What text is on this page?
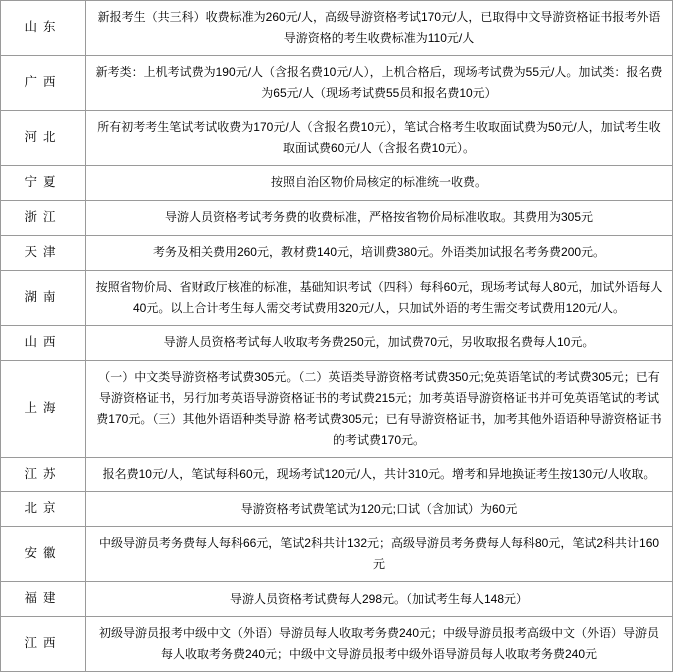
山东	新报考生（共三科）收费标准为260元/人，高级导游资格考试170元/人，已取得中文导游资格证书报考外语导游资格的考生收费标准为110元/人
广西	新考类：上机考试费为190元/人（含报名费10元/人），上机合格后，现场考试费为55元/人。加试类：报名费为65元/人（现场考试费55员和报名费10元）
河北	所有初考考生笔试考试收费为170元/人（含报名费10元），笔试合格考生收取面试费为50元/人，加试考生收取面试费60元/人（含报名费10元）。
宁夏	按照自治区物价局核定的标准统一收费。
浙江	导游人员资格考试考务费的收费标准，严格按省物价局标准收取。其费用为305元
天津	考务及相关费用260元，教材费140元，培训费380元。外语类加试报名考务费200元。
湖南	按照省物价局、省财政厅核准的标准，基础知识考试（四科）每科60元，现场考试每人80元，加试外语每人40元。以上合计考生每人需交考试费用320元/人，只加试外语的考生需交考试费用120元/人。
山西	导游人员资格考试每人收取考务费250元，加试费70元，另收取报名费每人10元。
上海	（一）中文类导游资格考试费305元。（二）英语类导游资格考试费350元;免英语笔试的考试费305元；已有导游资格证书，另行加考英语导游资格证书的考试费215元；加考英语导游资格证书并可免英语笔试的考试费170元。（三）其他外语语种类导游 格考试费305元；已有导游资格证书，加考其他外语语种导游资格证书的考试费170元。
江苏	报名费10元/人，笔试每科60元，现场考试120元/人，共计310元。增考和异地换证考生按130元/人收取。
北京	导游资格考试费笔试为120元;口试（含加试）为60元
安徽	中级导游员考务费每人每科66元，笔试2科共计132元；高级导游员考务费每人每科80元，笔试2科共计160元
福建	导游人员资格考试费每人298元。（加试考生每人148元）
江西	初级导游员报考中级中文（外语）导游员每人收取考务费240元；中级导游员报考高级中文（外语）导游员每人收取考务费240元；中级中文导游员报考中级外语导游员每人收取考务费240元
